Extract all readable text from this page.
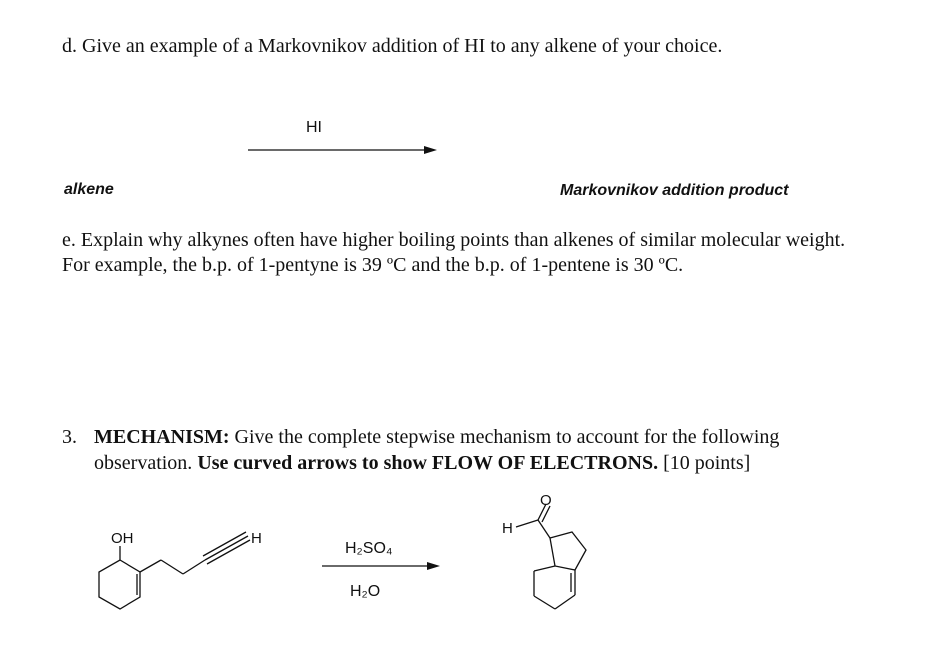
d. Give an example of a Markovnikov addition of HI to any alkene of your choice.
HI
alkene	Markovnikov addition product
e. Explain why alkynes often have higher boiling points than alkenes of similar molecular weight.
For example, the b.p. of 1-pentyne is 39 ºC and the b.p. of 1-pentene is 30 ºC.
3. MECHANISM: Give the complete stepwise mechanism to account for the following
observation. Use curved arrows to show FLOW OF ELECTRONS. [10 points]
OH	H
H₂SO₄
H₂O
O
H
